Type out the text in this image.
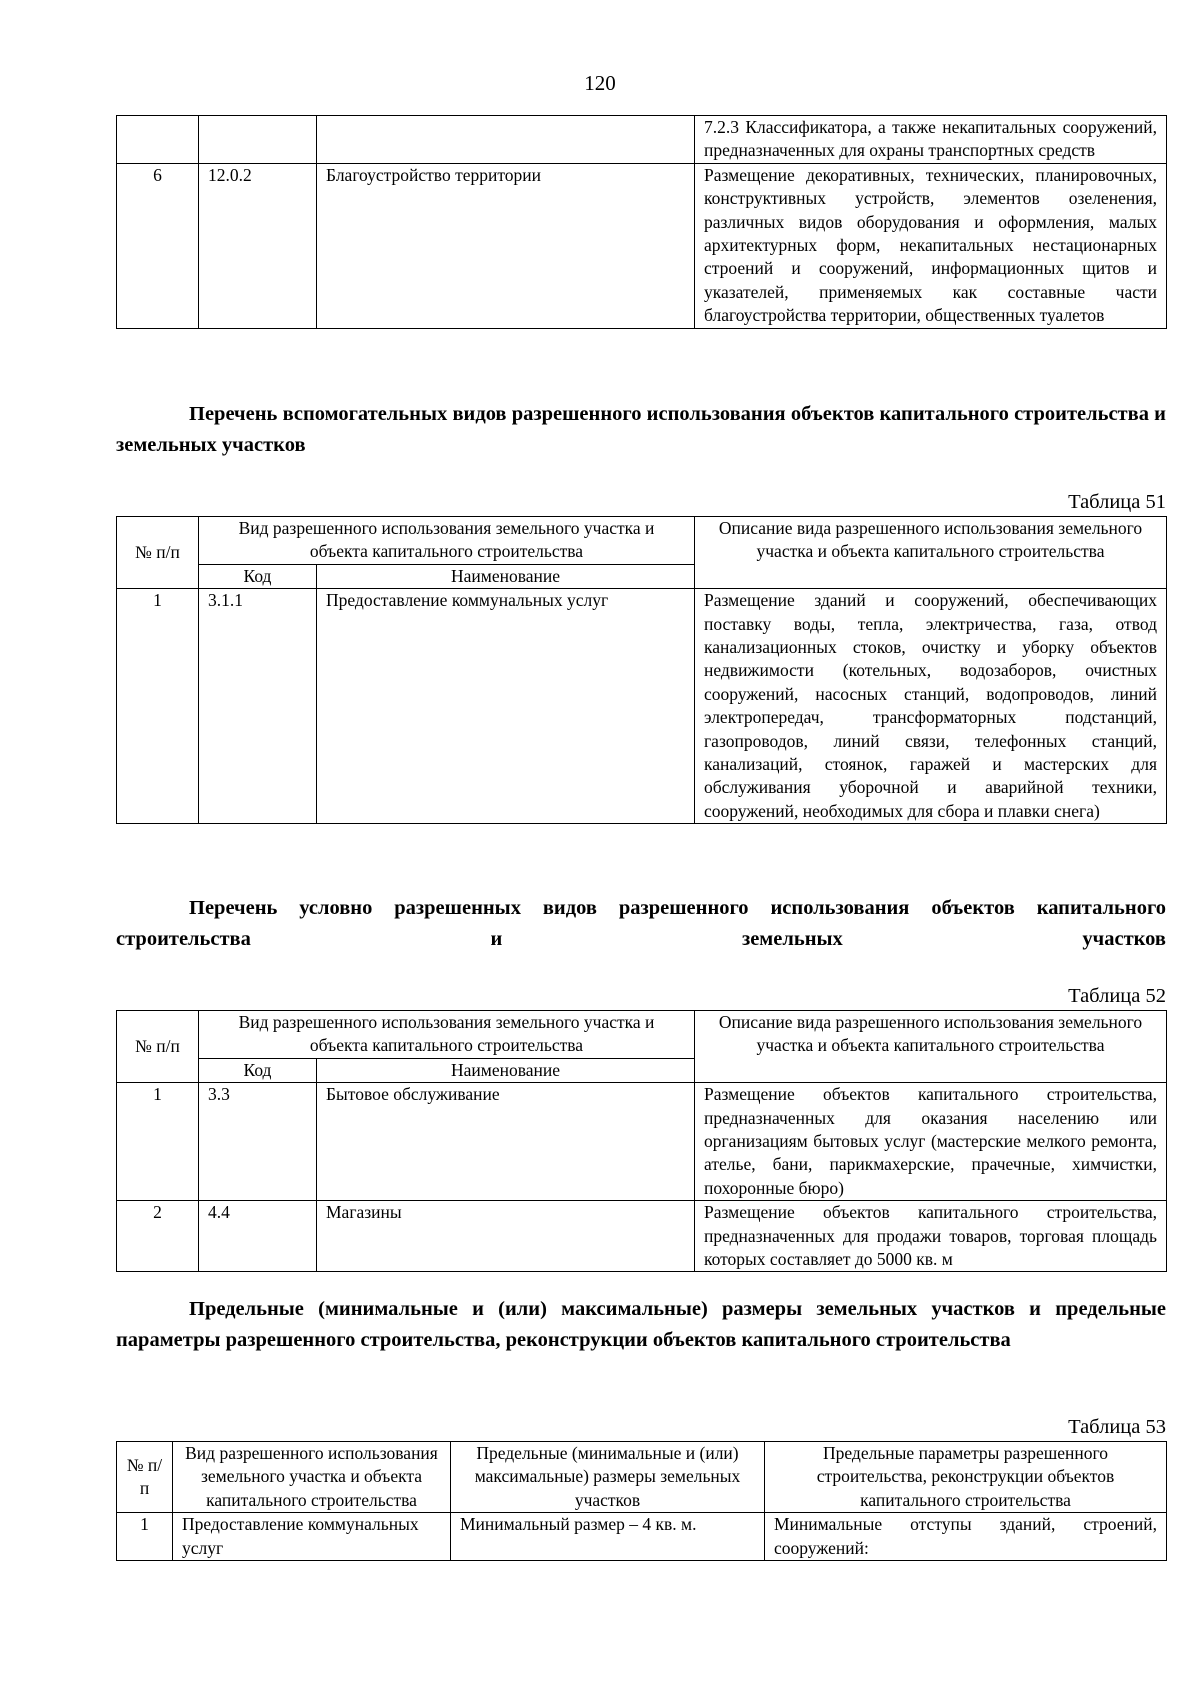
120
			7.2.3 Классификатора, а также некапитальных сооружений, предназначенных для охраны транспортных средств
6	12.0.2	Благоустройство территории	Размещение декоративных, технических, планировочных, конструктивных устройств, элементов озеленения, различных видов оборудования и оформления, малых архитектурных форм, некапитальных нестационарных строений и сооружений, информационных щитов и указателей, применяемых как составные части благоустройства территории, общественных туалетов
Перечень вспомогательных видов разрешенного использования объектов капитального строительства и земельных участков
Таблица 51
№ п/п	Вид разрешенного использования земельного участка и объекта капитального строительства		Описание вида разрешенного использования земельного участка и объекта капитального строительства
	Код	Наименование	
1	3.1.1	Предоставление коммунальных услуг	Размещение зданий и сооружений, обеспечивающих поставку воды, тепла, электричества, газа, отвод канализационных стоков, очистку и уборку объектов недвижимости (котельных, водозаборов, очистных сооружений, насосных станций, водопроводов, линий электропередач, трансформаторных подстанций, газопроводов, линий связи, телефонных станций, канализаций, стоянок, гаражей и мастерских для обслуживания уборочной и аварийной техники, сооружений, необходимых для сбора и плавки снега)
Перечень условно разрешенных видов разрешенного использования объектов капитального строительства и земельных участков
Таблица 52
№ п/п	Вид разрешенного использования земельного участка и объекта капитального строительства		Описание вида разрешенного использования земельного участка и объекта капитального строительства
	Код	Наименование	
1	3.3	Бытовое обслуживание	Размещение объектов капитального строительства, предназначенных для оказания населению или организациям бытовых услуг (мастерские мелкого ремонта, ателье, бани, парикмахерские, прачечные, химчистки, похоронные бюро)
2	4.4	Магазины	Размещение объектов капитального строительства, предназначенных для продажи товаров, торговая площадь которых составляет до 5000 кв. м
Предельные (минимальные и (или) максимальные) размеры земельных участков и предельные параметры разрешенного строительства, реконструкции объектов капитального строительства
Таблица 53
№ п/п	Вид разрешенного использования земельного участка и объекта капитального строительства	Предельные (минимальные и (или) максимальные) размеры земельных участков	Предельные параметры разрешенного строительства, реконструкции объектов капитального строительства
1	Предоставление коммунальных услуг	Минимальный размер – 4 кв. м.	Минимальные отступы зданий, строений, сооружений:
